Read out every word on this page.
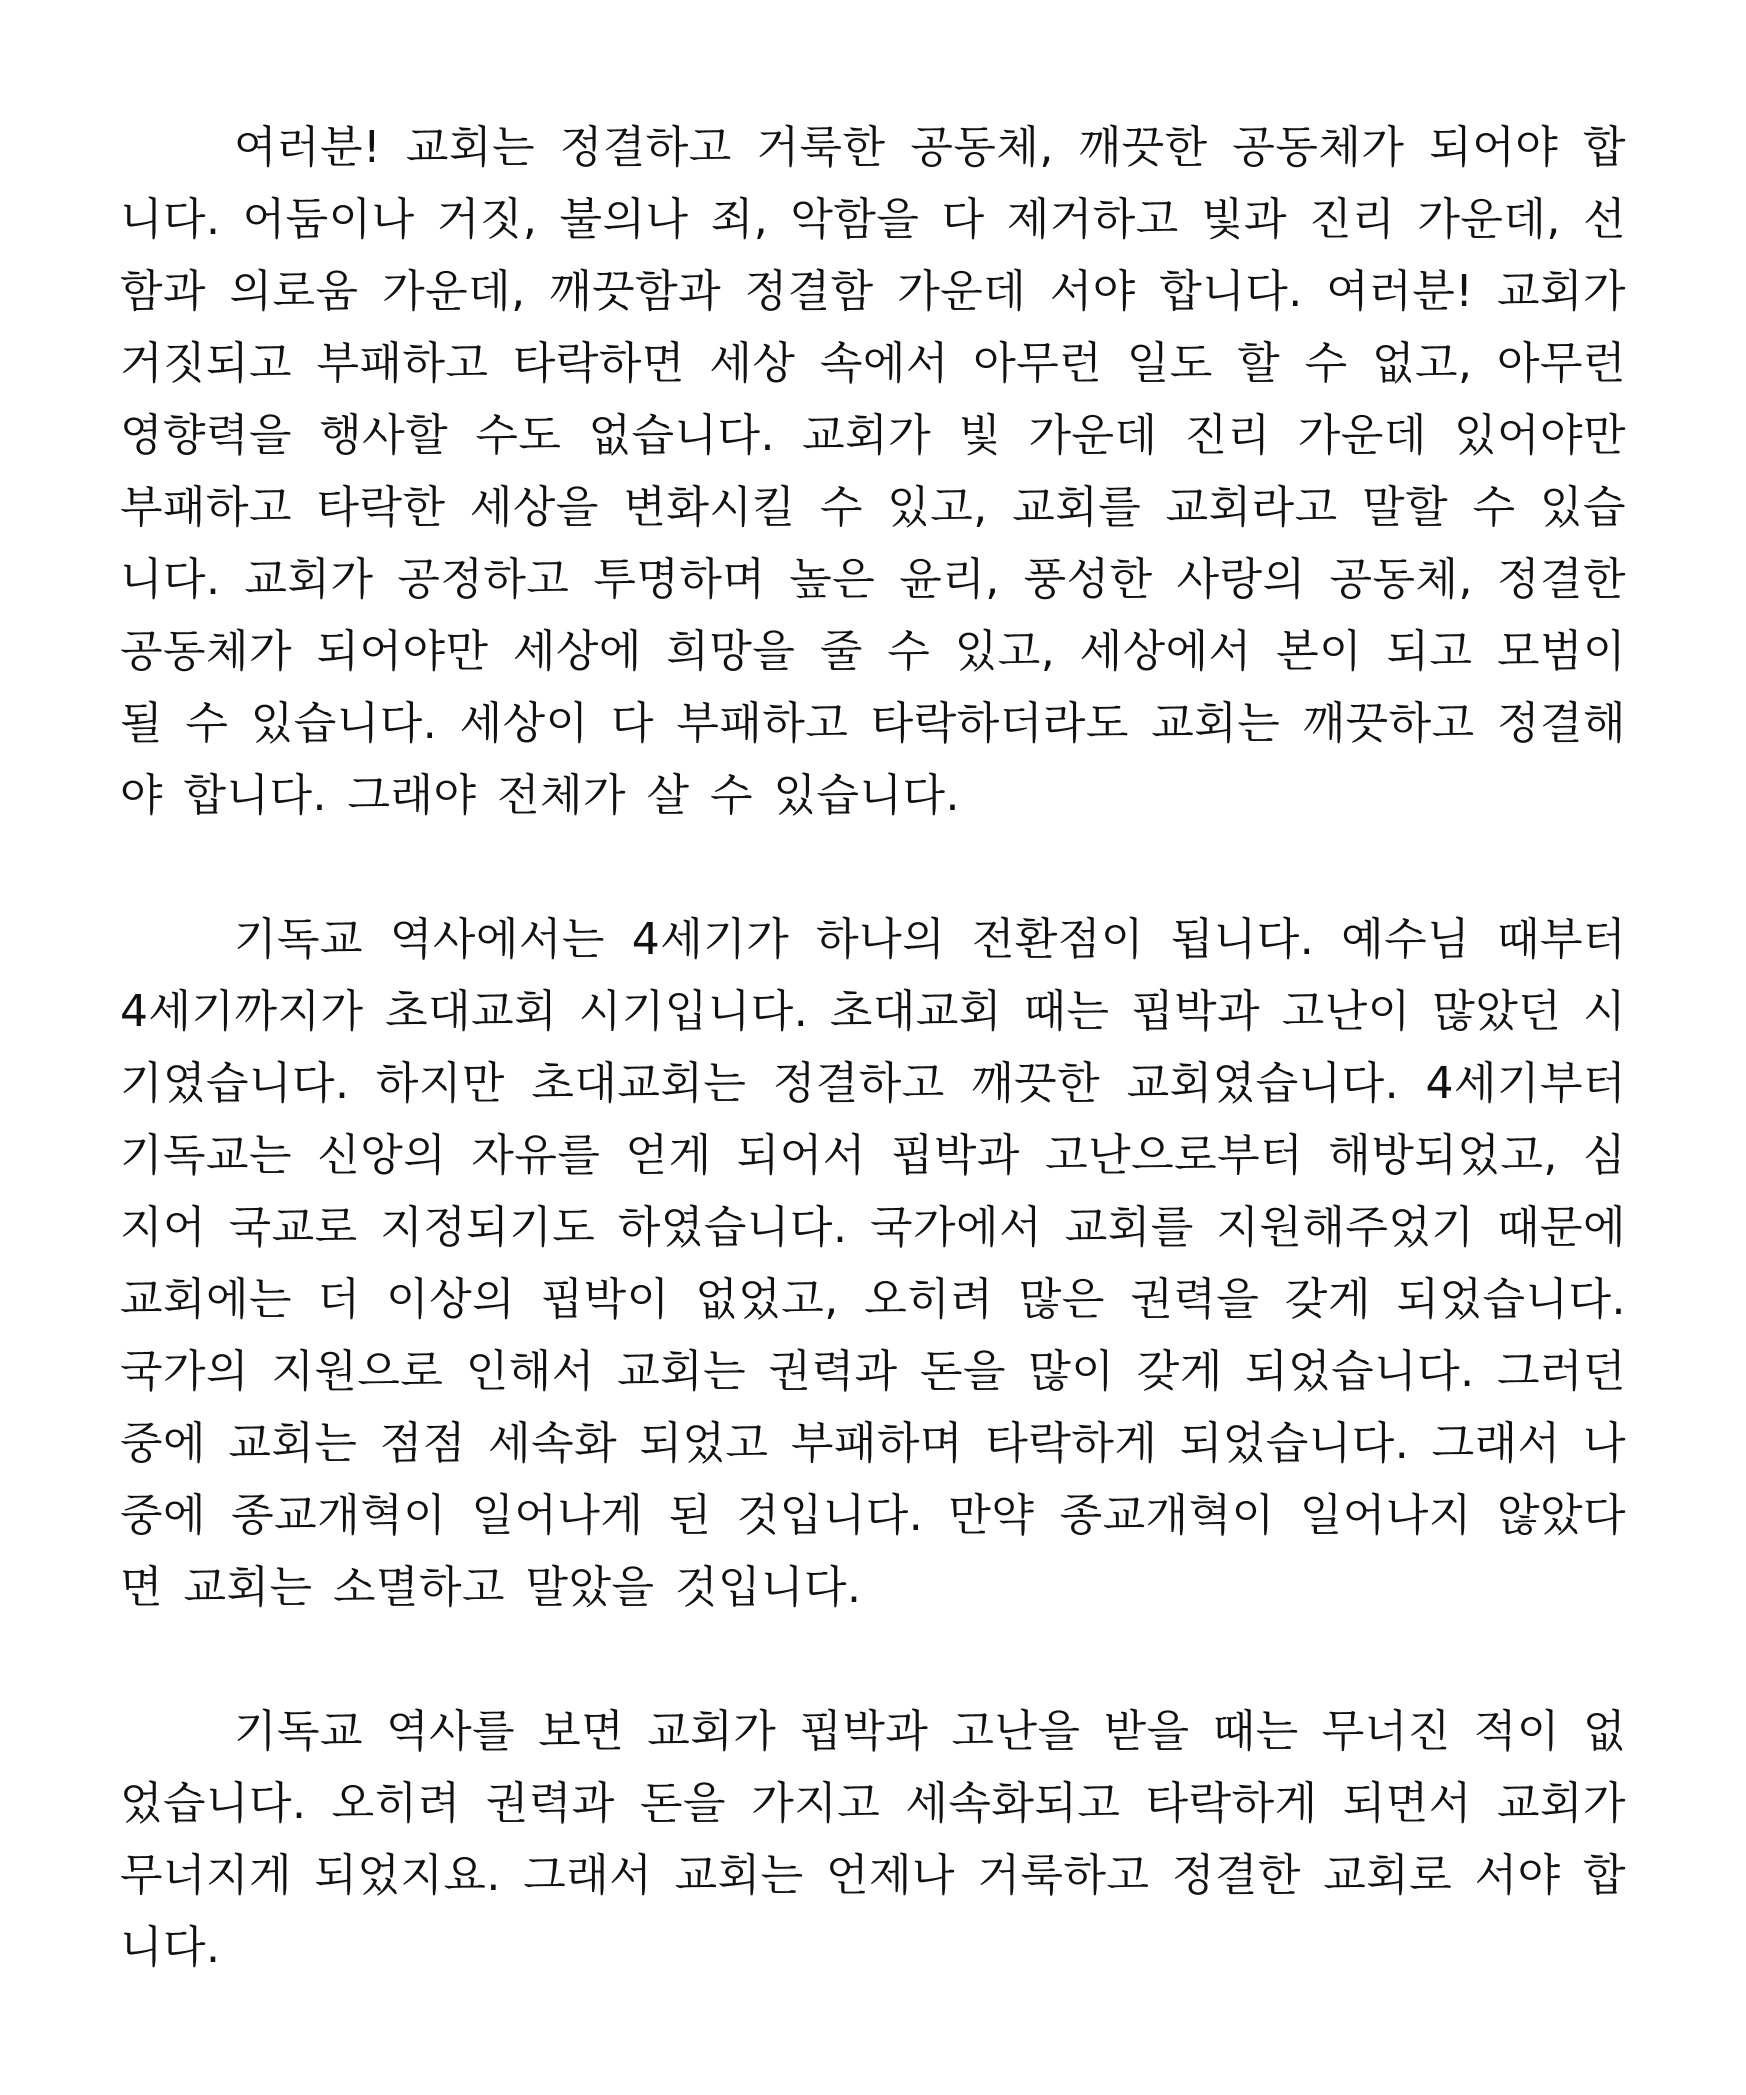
여러분! 교회는 정결하고 거룩한 공동체, 깨끗한 공동체가 되어야 합니다. 어둠이나 거짓, 불의나 죄, 악함을 다 제거하고 빛과 진리 가운데, 선함과 의로움 가운데, 깨끗함과 정결함 가운데 서야 합니다. 여러분! 교회가 거짓되고 부패하고 타락하면 세상 속에서 아무런 일도 할 수 없고, 아무런 영향력을 행사할 수도 없습니다. 교회가 빛 가운데 진리 가운데 있어야만 부패하고 타락한 세상을 변화시킬 수 있고, 교회를 교회라고 말할 수 있습니다. 교회가 공정하고 투명하며 높은 윤리, 풍성한 사랑의 공동체, 정결한 공동체가 되어야만 세상에 희망을 줄 수 있고, 세상에서 본이 되고 모범이 될 수 있습니다. 세상이 다 부패하고 타락하더라도 교회는 깨끗하고 정결해야 합니다. 그래야 전체가 살 수 있습니다.

기독교 역사에서는 4세기가 하나의 전환점이 됩니다. 예수님 때부터 4세기까지가 초대교회 시기입니다. 초대교회 때는 핍박과 고난이 많았던 시기였습니다. 하지만 초대교회는 정결하고 깨끗한 교회였습니다. 4세기부터 기독교는 신앙의 자유를 얻게 되어서 핍박과 고난으로부터 해방되었고, 심지어 국교로 지정되기도 하였습니다. 국가에서 교회를 지원해주었기 때문에 교회에는 더 이상의 핍박이 없었고, 오히려 많은 권력을 갖게 되었습니다. 국가의 지원으로 인해서 교회는 권력과 돈을 많이 갖게 되었습니다. 그러던 중에 교회는 점점 세속화 되었고 부패하며 타락하게 되었습니다. 그래서 나중에 종교개혁이 일어나게 된 것입니다. 만약 종교개혁이 일어나지 않았다면 교회는 소멸하고 말았을 것입니다.

기독교 역사를 보면 교회가 핍박과 고난을 받을 때는 무너진 적이 없었습니다. 오히려 권력과 돈을 가지고 세속화되고 타락하게 되면서 교회가 무너지게 되었지요. 그래서 교회는 언제나 거룩하고 정결한 교회로 서야 합니다.
